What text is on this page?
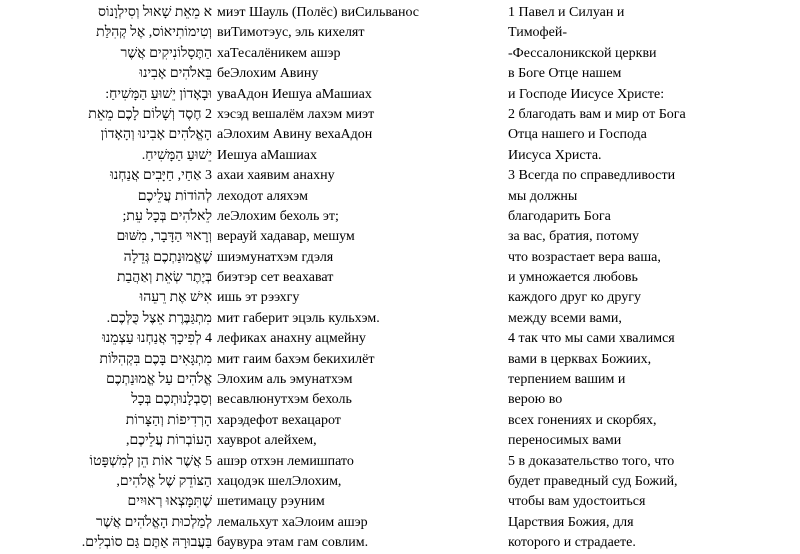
א מֵאֵת שָׁאוּל וְסִילְוָנוֹס
וְטִימוֹתִיאוֹס, אֶל קְהִלַּת
הַתֶּסָלוֹנִיקִים אֲשֶׁר
בֵּאלֹהִים אָבִינוּ
וּבָאָדוֹן יֵשׁוּעַ הַמָּשִׁיחַ:
2 חֶסֶד וְשָׁלוֹם לָכֶם מֵאֵת
הָאֱלֹהִים אָבִינוּ וְהָאָדוֹן
יֵשׁוּעַ הַמָּשִׁיחַ.
3 אַחַי, חַיָּבִים אֲנַחְנוּ
לְהוֹדוֹת עֲלֵיכֶם
לֵאלֹהִים בְּכָל עֵת;
וְרָאוּי הַדָּבָר, מִשּׁוּם
שֶׁאֱמוּנַתְכֶם גְּדֵלָה
בְּיֶתֶר שְׂאֵת וְאַהֲבַת
אִישׁ אֶת רֵעֵהוּ
מִתְגַּבֶּרֶת אֵצֶל כֻּלְּכֶם.
4 לְפִיכָךְ אֲנַחְנוּ עַצְמֵנוּ
מִתְגָּאִים בָּכֶם בִּקְהִלּוֹת
אֱלֹהִים עַל אֱמוּנַתְכֶם
וְסַבְלָנוּתְכֶם בְּכָל
הָרְדִיפוֹת וְהַצָּרוֹת
הָעוֹבְרוֹת עֲלֵיכֶם,
5 אֲשֶׁר אוֹת הֵן לְמִשְׁפָּטוֹ
הַצּוֹדֵק שֶׁל אֱלֹהִים,
שֶׁתִּמָּצְאוּ רְאוּיִים
לְמַלְכוּת הָאֱלֹהִים אֲשֶׁר
בַּעֲבוּרָהּ אַתֶּם גַּם סוֹבְלִים.
миэт Шауль (Полёс) виСильванос
виТимотэус, эль кихелят
хаТесалёникем ашэр
беЭлохим Авину
уваАдон Иешуа аМашиах
хэсэд вешалём лахэм миэт
аЭлохим Авину вехаАдон
Иешуа аМашиах
ахаи хаявим анахну
леходот аляхэм
леЭлохим бехоль эт;
верауй хадавар, мешум
шиэмунатхэм гдэля
биэтэр сет веахават
ишь эт рээхгу
мит габерит эцэль кульхэм.
лефиках анахну ацмейну
мит гаим бахэм бекихилёт
Элохим аль эмунатхэм
весавлюнутхэм бехоль
харэдефот вехацарот
хаувроt алейхем,
ашэр отхэн лемишпато
хацодэк шелЭлохим,
шетимацу рэуним
лемальхут хаЭлоим ашэр
баувура этам гам совлим.
1 Павел и Силуан и
Тимофей-
-Фессалоникской церкви
в Боге Отце нашем
и Господе Иисусе Христе:
2 благодать вам и мир от Бога
Отца нашего и Господа
Иисуса Христа.
3 Всегда по справедливости
мы должны
благодарить Бога
за вас, братия, потому
что возрастает вера ваша,
и умножается любовь
каждого друг ко другу
между всеми вами,
4 так что мы сами хвалимся
вами в церквах Божиих,
терпением вашим и
верою во
всех гонениях и скорбях,
переносимых вами
5 в доказательство того, что
будет праведный суд Божий,
чтобы вам удостоиться
Царствия Божия, для
которого и страдаете.
